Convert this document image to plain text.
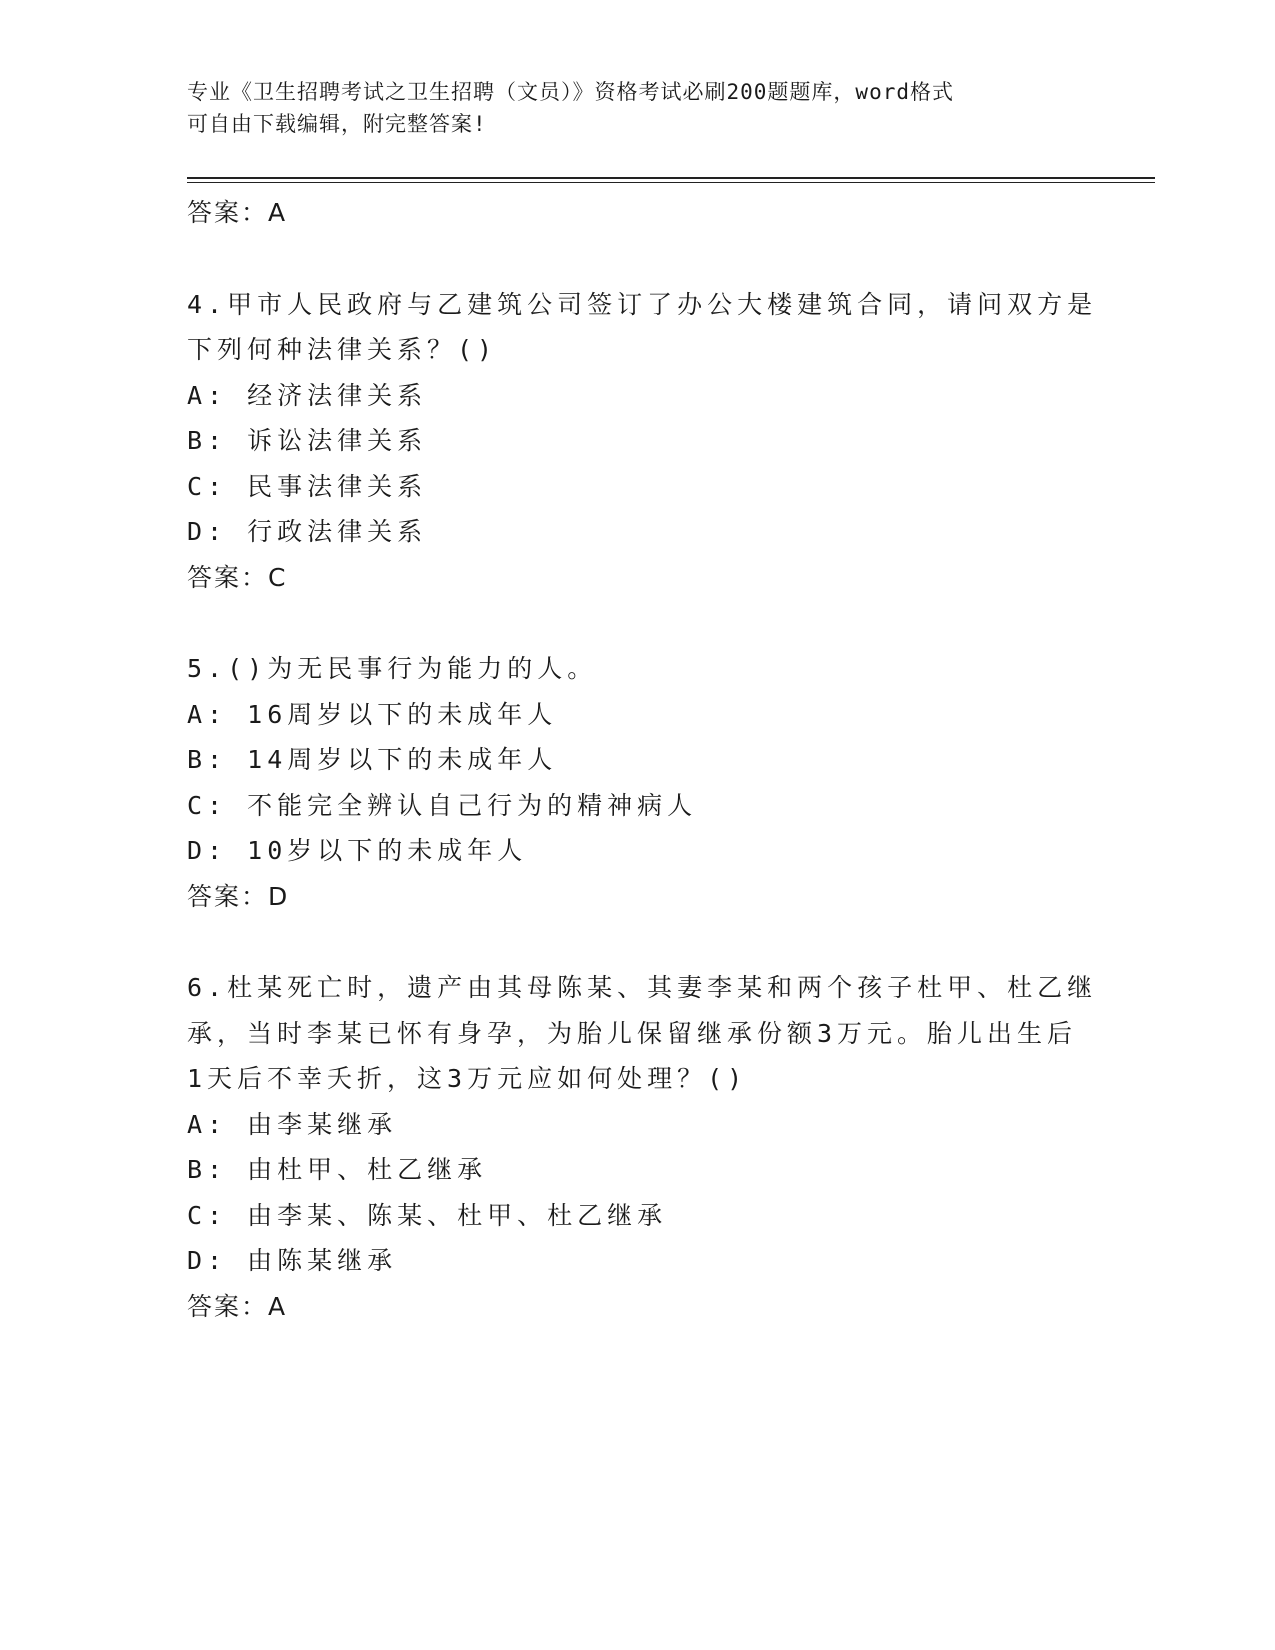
专业《卫生招聘考试之卫生招聘（文员）》资格考试必刷200题题库，word格式
可自由下载编辑，附完整答案!
答案：A
4.甲市人民政府与乙建筑公司签订了办公大楼建筑合同，请问双方是
下列何种法律关系？()
A: 经济法律关系
B: 诉讼法律关系
C: 民事法律关系
D: 行政法律关系
答案：C
5.()为无民事行为能力的人。
A: 16周岁以下的未成年人
B: 14周岁以下的未成年人
C: 不能完全辨认自己行为的精神病人
D: 10岁以下的未成年人
答案：D
6.杜某死亡时，遗产由其母陈某、其妻李某和两个孩子杜甲、杜乙继
承，当时李某已怀有身孕，为胎儿保留继承份额3万元。胎儿出生后
1天后不幸夭折，这3万元应如何处理？()
A: 由李某继承
B: 由杜甲、杜乙继承
C: 由李某、陈某、杜甲、杜乙继承
D: 由陈某继承
答案：A
